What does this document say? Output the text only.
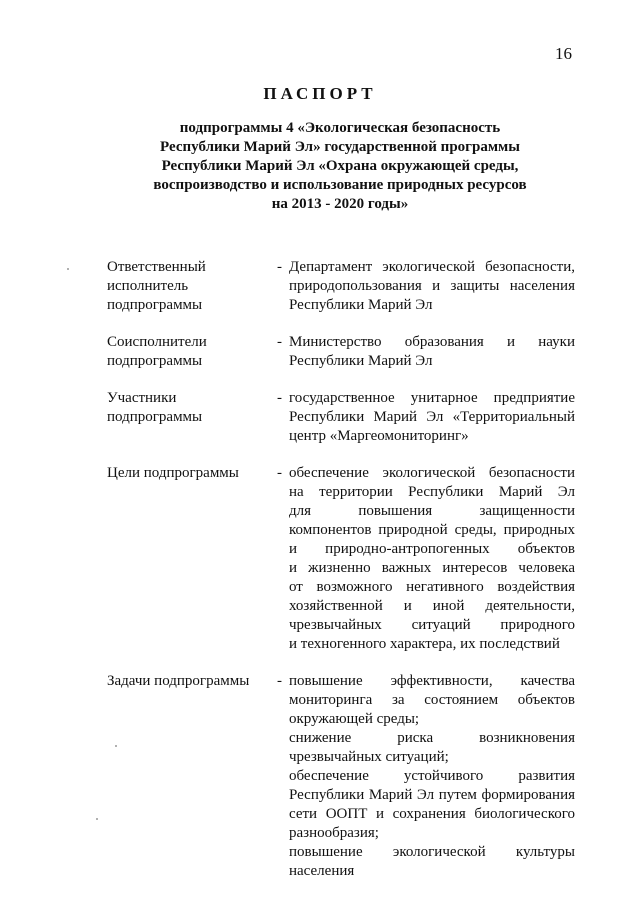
16
ПАСПОРТ
подпрограммы 4 «Экологическая безопасность
Республики Марий Эл» государственной программы
Республики Марий Эл «Охрана окружающей среды,
воспроизводство и использование природных ресурсов
на 2013 - 2020 годы»
Ответственный
исполнитель
подпрограммы
- Департамент экологической безопасности,
природопользования и защиты населения
Республики Марий Эл
Соисполнители
подпрограммы
- Министерство образования и науки
Республики Марий Эл
Участники
подпрограммы
- государственное унитарное предприятие
Республики Марий Эл «Территориальный
центр «Маргеомониторинг»
Цели подпрограммы	- обеспечение экологической безопасности
на территории Республики Марий Эл
для повышения защищенности
компонентов природной среды, природных
и природно-антропогенных объектов
и жизненно важных интересов человека
от возможного негативного воздействия
хозяйственной и иной деятельности,
чрезвычайных ситуаций природного
и техногенного характера, их последствий
Задачи подпрограммы	- повышение эффективности, качества
мониторинга за состоянием объектов
окружающей среды;
снижение риска возникновения
чрезвычайных ситуаций;
обеспечение устойчивого развития
Республики Марий Эл путем формирования
сети ООПТ и сохранения биологического
разнообразия;
повышение экологической культуры
населения
